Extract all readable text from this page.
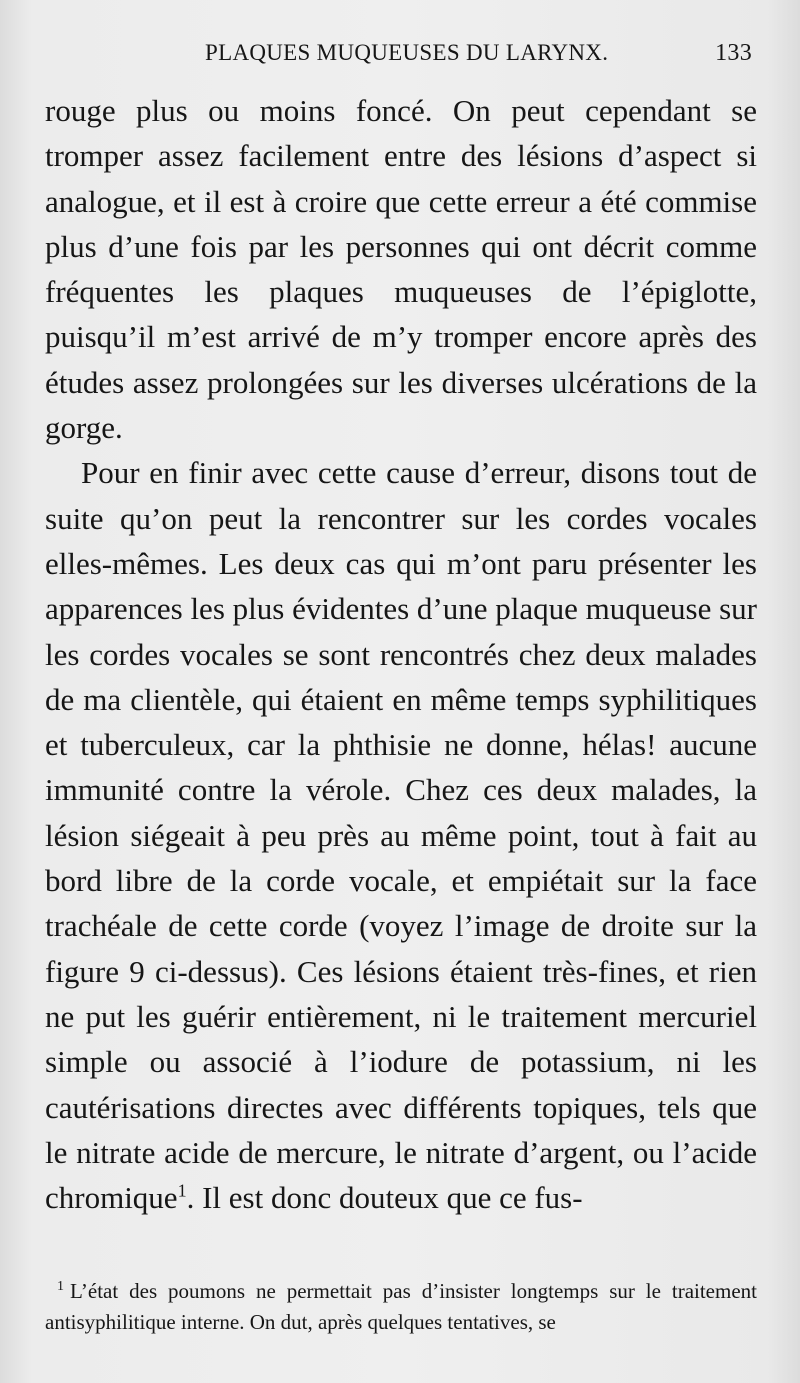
PLAQUES MUQUEUSES DU LARYNX.	133

rouge plus ou moins foncé. On peut cependant se tromper assez facilement entre des lésions d’aspect si analogue, et il est à croire que cette erreur a été commise plus d’une fois par les personnes qui ont décrit comme fréquentes les plaques muqueuses de l’épiglotte, puisqu’il m’est arrivé de m’y tromper encore après des études assez prolongées sur les diverses ulcérations de la gorge.

Pour en finir avec cette cause d’erreur, disons tout de suite qu’on peut la rencontrer sur les cordes vocales elles-mêmes. Les deux cas qui m’ont paru présenter les apparences les plus évidentes d’une plaque muqueuse sur les cordes vocales se sont rencontrés chez deux malades de ma clientèle, qui étaient en même temps syphilitiques et tuberculeux, car la phthisie ne donne, hélas! aucune immunité contre la vérole. Chez ces deux malades, la lésion siégeait à peu près au même point, tout à fait au bord libre de la corde vocale, et empiétait sur la face trachéale de cette corde (voyez l’image de droite sur la figure 9 ci-dessus). Ces lésions étaient très-fines, et rien ne put les guérir entièrement, ni le traitement mercuriel simple ou associé à l’iodure de potassium, ni les cautérisations directes avec différents topiques, tels que le nitrate acide de mercure, le nitrate d’argent, ou l’acide chromique$^1$. Il est donc douteux que ce fus-

$^1$ L’état des poumons ne permettait pas d’insister longtemps sur le traitement antisyphilitique interne. On dut, après quelques tentatives, se
